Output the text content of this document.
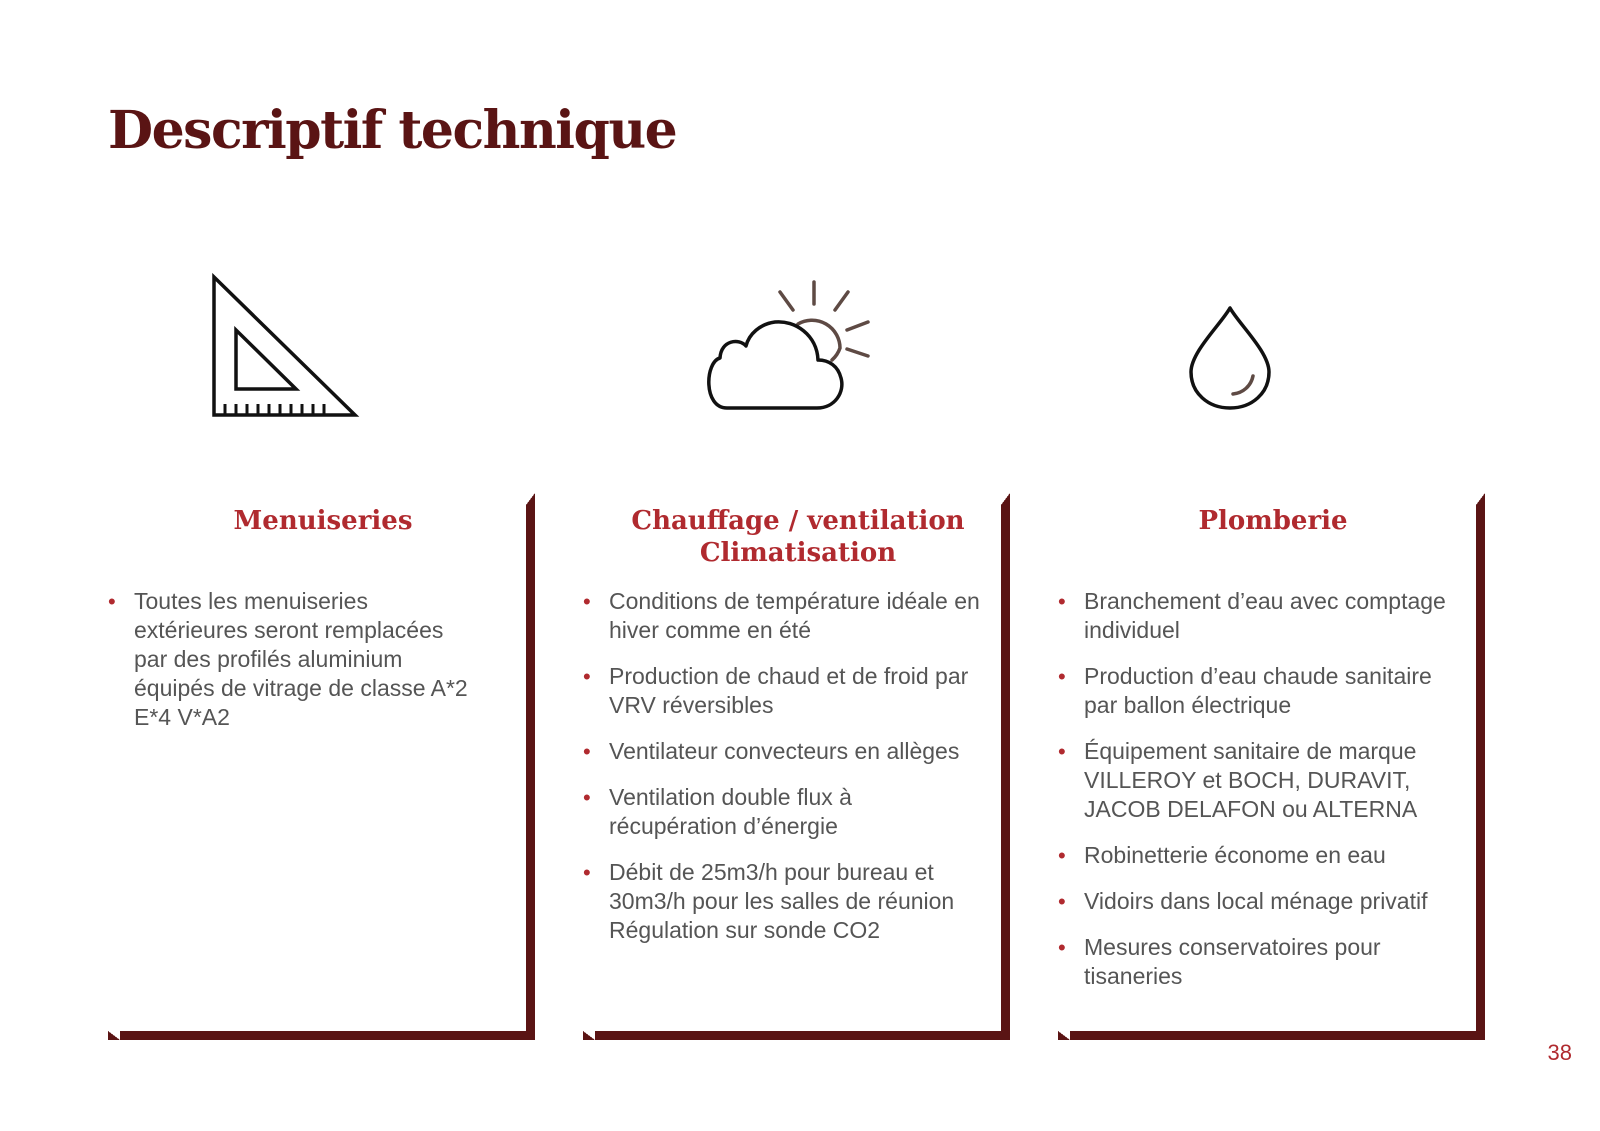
Descriptif technique
Menuiseries
• Toutes les menuiseries extérieures seront remplacées par des profilés aluminium équipés de vitrage de classe A*2 E*4 V*A2
Chauffage / ventilation Climatisation
• Conditions de température idéale en hiver comme en été
• Production de chaud et de froid par VRV réversibles
• Ventilateur convecteurs en allèges
• Ventilation double flux à récupération d’énergie
• Débit de 25m3/h pour bureau et 30m3/h pour les salles de réunion Régulation sur sonde CO2
Plomberie
• Branchement d’eau avec comptage individuel
• Production d’eau chaude sanitaire par ballon électrique
• Équipement sanitaire de marque VILLEROY et BOCH, DURAVIT, JACOB DELAFON ou ALTERNA
• Robinetterie économe en eau
• Vidoirs dans local ménage privatif
• Mesures conservatoires pour tisaneries
38
